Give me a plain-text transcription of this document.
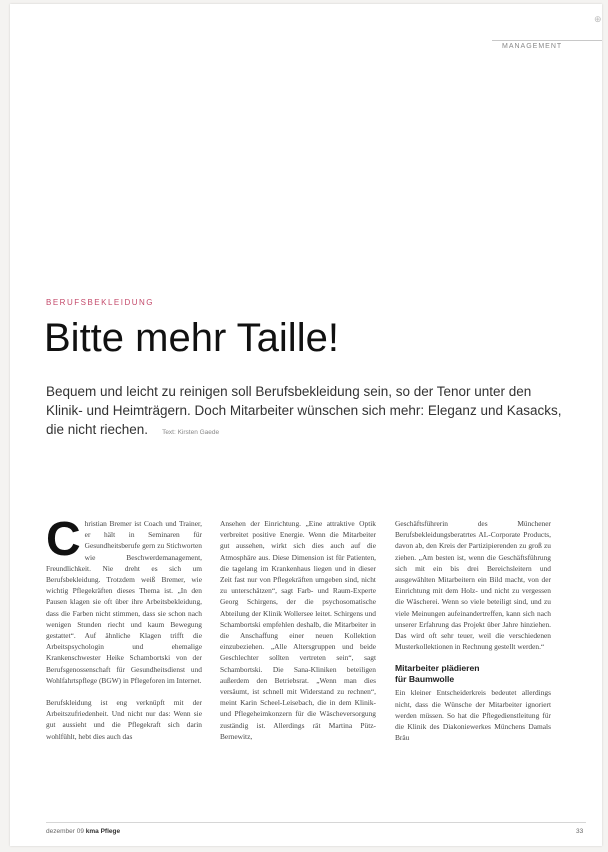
⊕
MANAGEMENT
BERUFSBEKLEIDUNG
Bitte mehr Taille!
Bequem und leicht zu reinigen soll Berufsbekleidung sein, so der Tenor unter den Klinik- und Heimträgern. Doch Mitarbeiter wünschen sich mehr: Eleganz und Kasacks, die nicht riechen. Text: Kirsten Gaede

Christian Bremer ist Coach und Trainer, er hält in Seminaren für Gesundheitsberufe gern zu Stichworten wie Beschwerdemanagement, Freundlichkeit. Nie dreht es sich um Berufsbekleidung. Trotzdem weiß Bremer, wie wichtig Pflegekräften dieses Thema ist. „In den Pausen klagen sie oft über ihre Arbeitsbekleidung, dass die Farben nicht stimmen, dass sie schon nach wenigen Stunden riecht und kaum Bewegung gestattet“. Auf ähnliche Klagen trifft die Arbeitspsychologin und ehemalige Krankenschwester Heike Schambortski von der Berufsgenossenschaft für Gesundheitsdienst und Wohlfahrtspflege (BGW) in Pflegeforen im Internet.

Berufskleidung ist eng verknüpft mit der Arbeitszufriedenheit. Und nicht nur das: Wenn sie gut aussieht und die Pflegekraft sich darin wohlfühlt, hebt dies auch das

Ansehen der Einrichtung. „Eine attraktive Optik verbreitet positive Energie. Wenn die Mitarbeiter gut aussehen, wirkt sich dies auch auf die Atmosphäre aus. Diese Dimension ist für Patienten, die tagelang im Krankenhaus liegen und in dieser Zeit fast nur von Pflegekräften umgeben sind, nicht zu unterschätzen“, sagt Farb- und Raum-Experte Georg Schirgens, der die psychosomatische Abteilung der Klinik Wollersee leitet. Schirgens und Schambortski empfehlen deshalb, die Mitarbeiter in die Anschaffung einer neuen Kollektion einzubeziehen. „Alle Altersgruppen und beide Geschlechter sollten vertreten sein“, sagt Schambortski. Die Sana-Kliniken beteiligen außerdem den Betriebsrat. „Wenn man dies versäumt, ist schnell mit Widerstand zu rechnen“, meint Karin Scheel-Leisebach, die in dem Klinik- und Pflegeheimkonzern für die Wäscheversorgung zuständig ist. Allerdings rät Martina Pütz-Bernewitz,

Geschäftsführerin des Münchener Berufsbekleidungsberatrtes AL-Corporate Products, davon ab, den Kreis der Partizipierenden zu groß zu ziehen. „Am besten ist, wenn die Geschäftsführung sich mit ein bis drei Bereichsleitern und ausgewählten Mitarbeitern ein Bild macht, von der Einrichtung mit dem Holz- und nicht zu vergessen die Wäscherei. Wenn so viele beteiligt sind, und zu viele Meinungen aufeinandertreffen, kann sich nach unserer Erfahrung das Projekt über Jahre hinziehen. Das wird oft sehr teuer, weil die verschiedenen Musterkollektionen in Rechnung gestellt werden.“

Mitarbeiter plädieren
für Baumwolle

Ein kleiner Entscheiderkreis bedeutet allerdings nicht, dass die Wünsche der Mitarbeiter ignoriert werden müssen. So hat die Pflegedienstleitung für die Klinik des Diakoniewerkes Münchens Damals Bräu

dezember 09 kma Pflege	33
